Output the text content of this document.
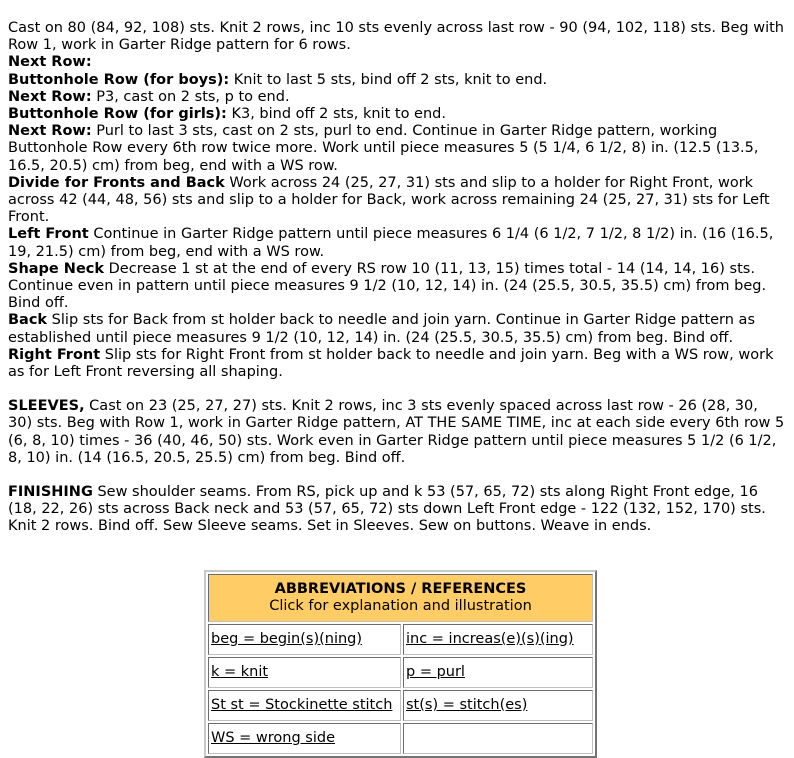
Cast on 80 (84, 92, 108) sts. Knit 2 rows, inc 10 sts evenly across last row - 90 (94, 102, 118) sts. Beg with Row 1, work in Garter Ridge pattern for 6 rows.

Next Row:

Buttonhole Row (for boys): Knit to last 5 sts, bind off 2 sts, knit to end.

Next Row: P3, cast on 2 sts, p to end.

Buttonhole Row (for girls): K3, bind off 2 sts, knit to end.

Next Row: Purl to last 3 sts, cast on 2 sts, purl to end. Continue in Garter Ridge pattern, working Buttonhole Row every 6th row twice more. Work until piece measures 5 (5 1/4, 6 1/2, 8) in. (12.5 (13.5, 16.5, 20.5) cm) from beg, end with a WS row.

Divide for Fronts and Back Work across 24 (25, 27, 31) sts and slip to a holder for Right Front, work across 42 (44, 48, 56) sts and slip to a holder for Back, work across remaining 24 (25, 27, 31) sts for Left Front.

Left Front Continue in Garter Ridge pattern until piece measures 6 1/4 (6 1/2, 7 1/2, 8 1/2) in. (16 (16.5, 19, 21.5) cm) from beg, end with a WS row.

Shape Neck Decrease 1 st at the end of every RS row 10 (11, 13, 15) times total - 14 (14, 14, 16) sts. Continue even in pattern until piece measures 9 1/2 (10, 12, 14) in. (24 (25.5, 30.5, 35.5) cm) from beg. Bind off.

Back Slip sts for Back from st holder back to needle and join yarn. Continue in Garter Ridge pattern as established until piece measures 9 1/2 (10, 12, 14) in. (24 (25.5, 30.5, 35.5) cm) from beg. Bind off.

Right Front Slip sts for Right Front from st holder back to needle and join yarn. Beg with a WS row, work as for Left Front reversing all shaping.

SLEEVES, Cast on 23 (25, 27, 27) sts. Knit 2 rows, inc 3 sts evenly spaced across last row - 26 (28, 30, 30) sts. Beg with Row 1, work in Garter Ridge pattern, AT THE SAME TIME, inc at each side every 6th row 5 (6, 8, 10) times - 36 (40, 46, 50) sts. Work even in Garter Ridge pattern until piece measures 5 1/2 (6 1/2, 8, 10) in. (14 (16.5, 20.5, 25.5) cm) from beg. Bind off.

FINISHING Sew shoulder seams. From RS, pick up and k 53 (57, 65, 72) sts along Right Front edge, 16 (18, 22, 26) sts across Back neck and 53 (57, 65, 72) sts down Left Front edge - 122 (132, 152, 170) sts. Knit 2 rows. Bind off. Sew Sleeve seams. Set in Sleeves. Sew on buttons. Weave in ends.

ABBREVIATIONS / REFERENCES
Click for explanation and illustration	
beg = begin(s)(ning)	inc = increas(e)(s)(ing)
k = knit	p = purl
St st = Stockinette stitch	st(s) = stitch(es)
WS = wrong side	
